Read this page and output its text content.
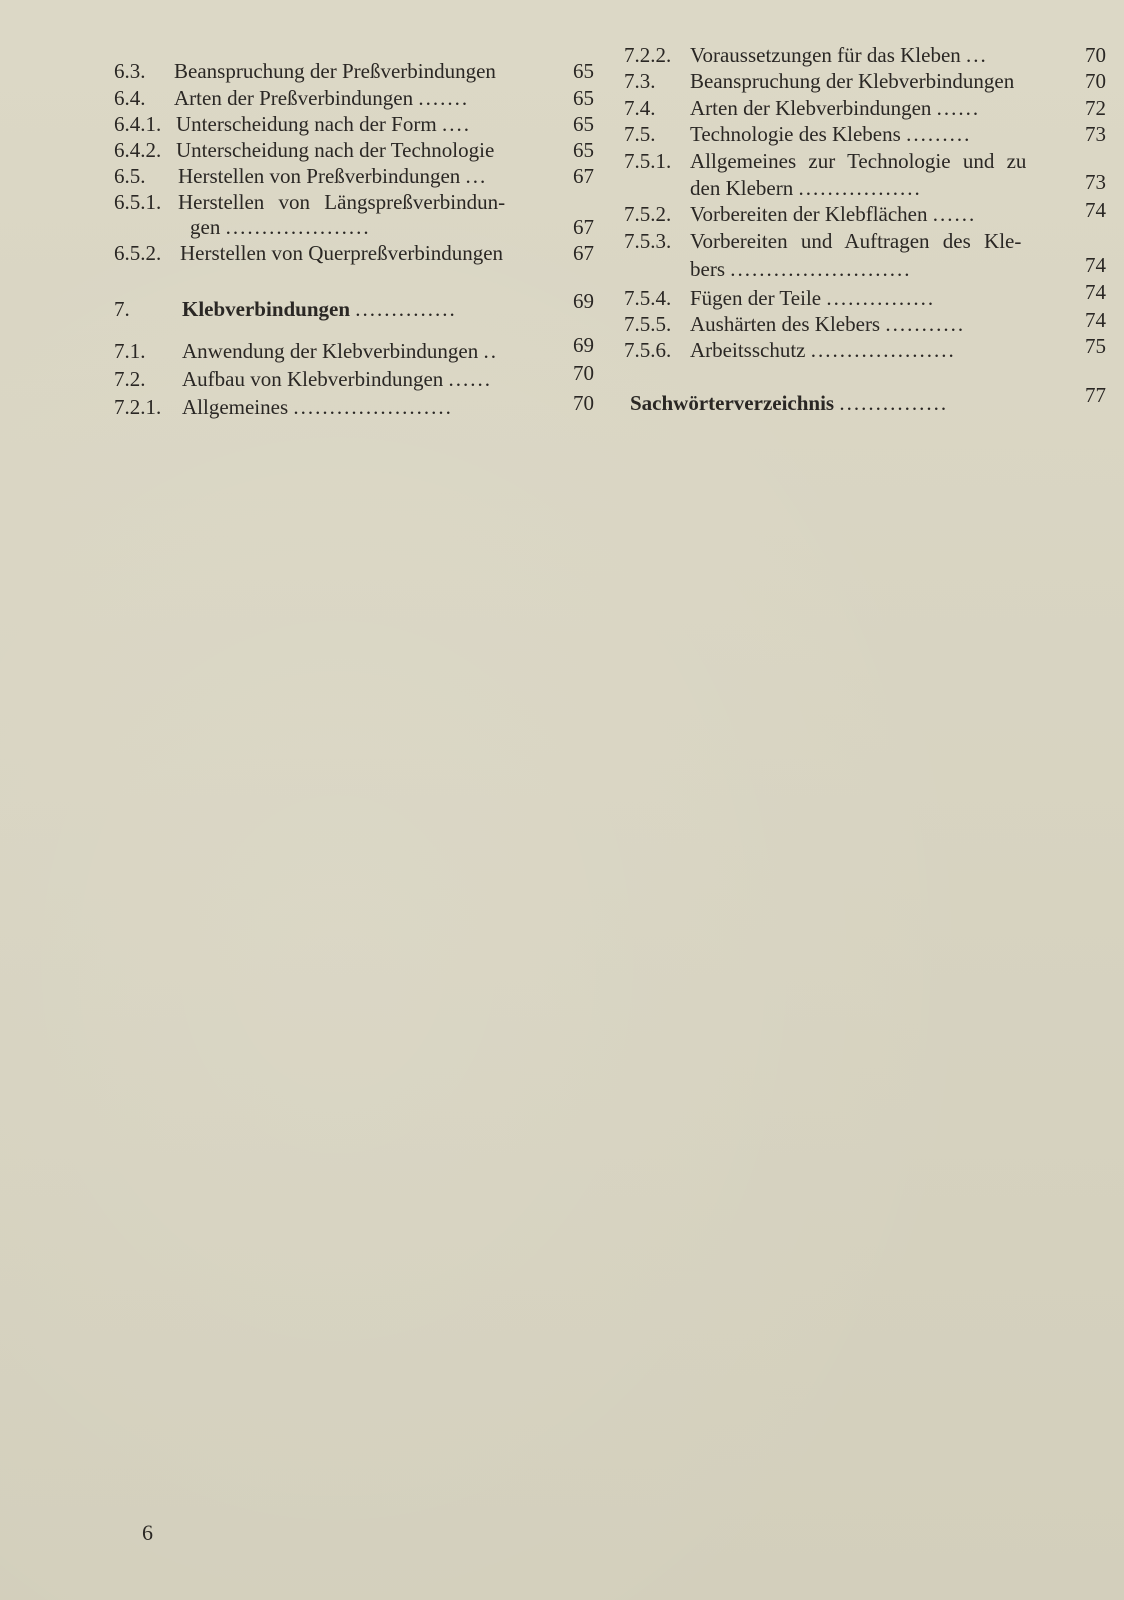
6.3. Beanspruchung der Preßverbindungen	65
6.4. Arten der Preßverbindungen .......	65
6.4.1. Unterscheidung nach der Form ....	65
6.4.2. Unterscheidung nach der Technologie	65
6.5. Herstellen von Preßverbindungen ...	67
6.5.1. Herstellen von Längspreßverbindun-
gen ....................	67
6.5.2. Herstellen von Querpreßverbindungen	67
7. Klebverbindungen ..............	69
7.1. Anwendung der Klebverbindungen ..	69
7.2. Aufbau von Klebverbindungen ......	70
7.2.1. Allgemeines ......................	70
7.2.2. Voraussetzungen für das Kleben ...	70
7.3. Beanspruchung der Klebverbindungen	70
7.4. Arten der Klebverbindungen ......	72
7.5. Technologie des Klebens .........	73
7.5.1. Allgemeines zur Technologie und zu
den Klebern .................	73
7.5.2. Vorbereiten der Klebflächen ......	74
7.5.3. Vorbereiten und Auftragen des Kle-
bers .........................	74
7.5.4. Fügen der Teile ...............	74
7.5.5. Aushärten des Klebers ...........	74
7.5.6. Arbeitsschutz ....................	75
Sachwörterverzeichnis ...............	77
6
